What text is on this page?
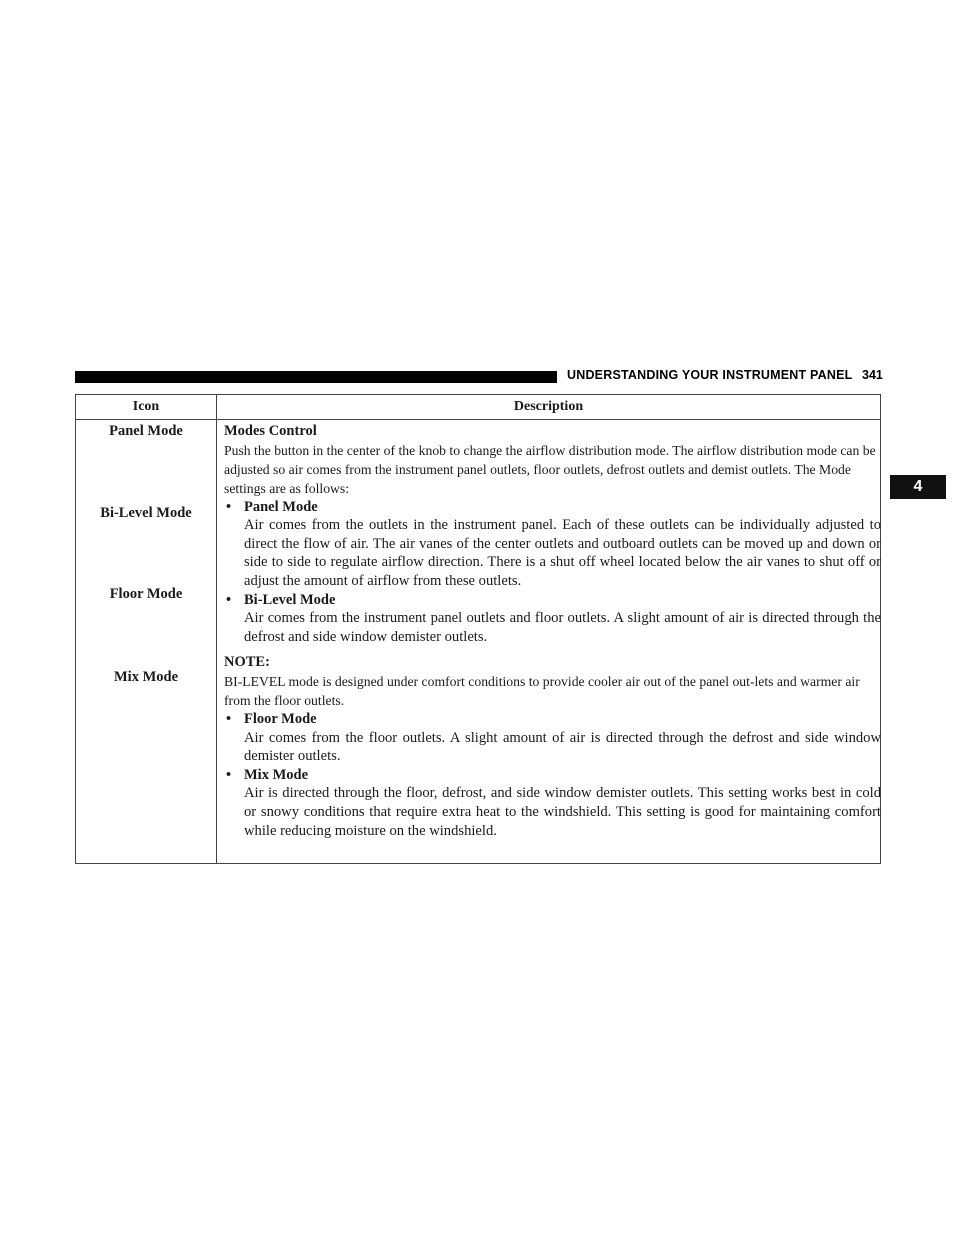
UNDERSTANDING YOUR INSTRUMENT PANEL 341
4
Icon	Description
Panel Mode
Bi-Level Mode
Floor Mode
Mix Mode

Modes Control

Push the button in the center of the knob to change the airflow distribution mode. The airflow distribution mode can be adjusted so air comes from the instrument panel outlets, floor outlets, defrost outlets and demist outlets. The Mode settings are as follows:

• Panel Mode
Air comes from the outlets in the instrument panel. Each of these outlets can be individually adjusted to direct the flow of air. The air vanes of the center outlets and outboard outlets can be moved up and down or side to side to regulate airflow direction. There is a shut off wheel located below the air vanes to shut off or adjust the amount of airflow from these outlets.
• Bi-Level Mode
Air comes from the instrument panel outlets and floor outlets. A slight amount of air is directed through the defrost and side window demister outlets.

NOTE:

BI-LEVEL mode is designed under comfort conditions to provide cooler air out of the panel out-lets and warmer air from the floor outlets.

• Floor Mode
Air comes from the floor outlets. A slight amount of air is directed through the defrost and side window demister outlets.
• Mix Mode
Air is directed through the floor, defrost, and side window demister outlets. This setting works best in cold or snowy conditions that require extra heat to the windshield. This setting is good for maintaining comfort while reducing moisture on the windshield.
